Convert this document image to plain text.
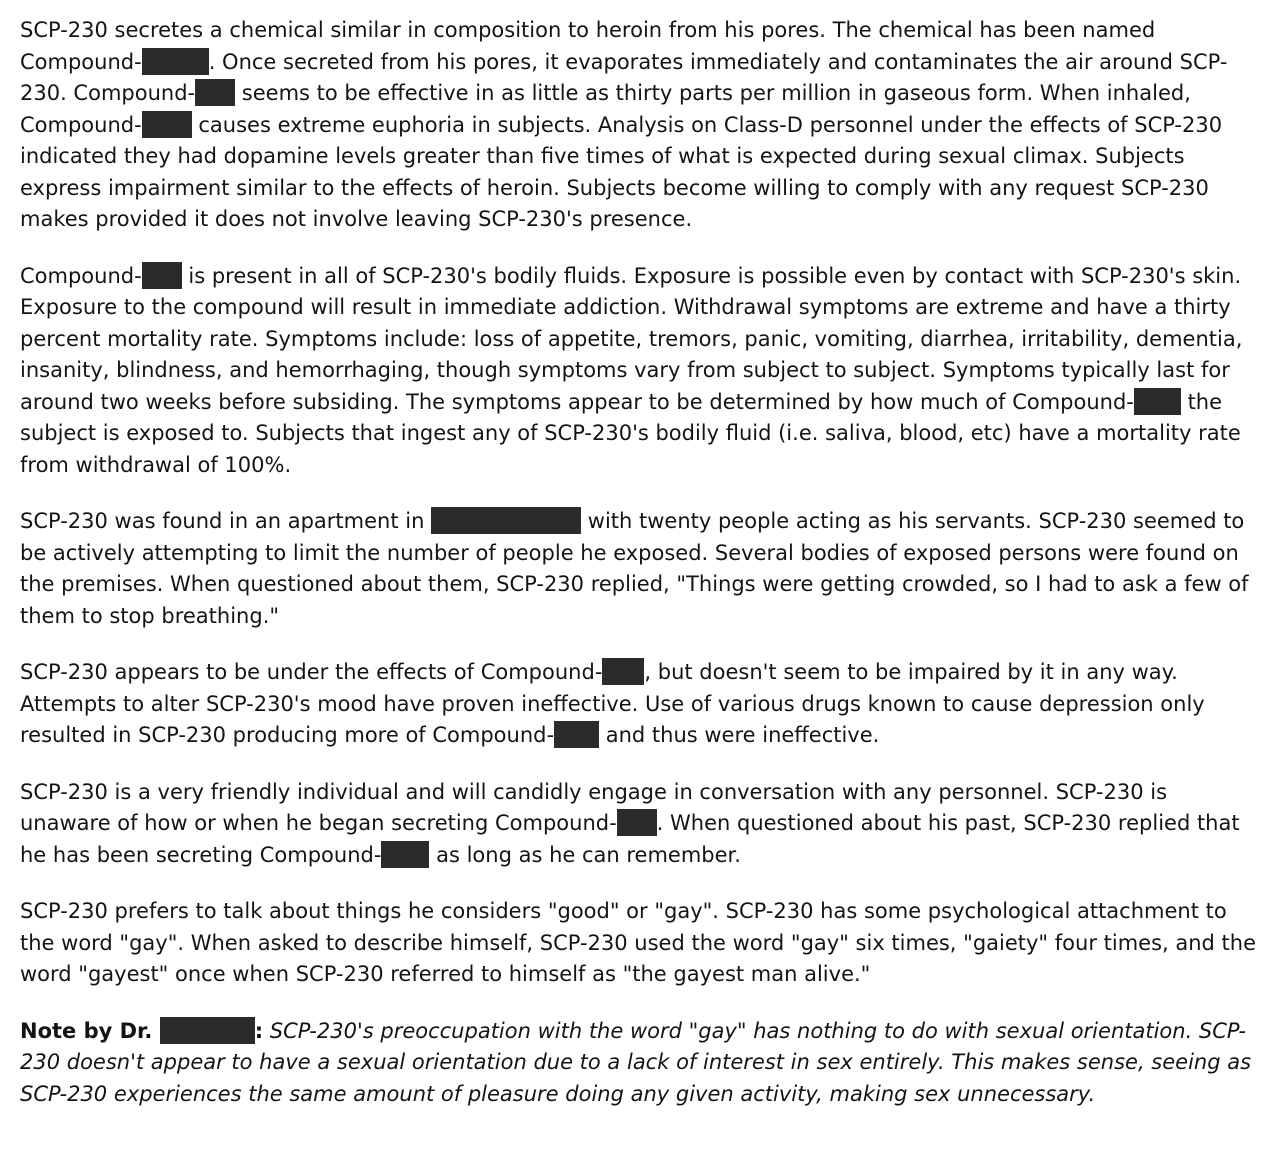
SCP-230 secretes a chemical similar in composition to heroin from his pores. The chemical has been named Compound-	. Once secreted from his pores, it evaporates immediately and contaminates the air around SCP-230. Compound- seems to be effective in as little as thirty parts per million in gaseous form. When inhaled, Compound- causes extreme euphoria in subjects. Analysis on Class-D personnel under the effects of SCP-230 indicated they had dopamine levels greater than five times of what is expected during sexual climax. Subjects express impairment similar to the effects of heroin. Subjects become willing to comply with any request SCP-230 makes provided it does not involve leaving SCP-230's presence.

Compound- is present in all of SCP-230's bodily fluids. Exposure is possible even by contact with SCP-230's skin. Exposure to the compound will result in immediate addiction. Withdrawal symptoms are extreme and have a thirty percent mortality rate. Symptoms include: loss of appetite, tremors, panic, vomiting, diarrhea, irritability, dementia, insanity, blindness, and hemorrhaging, though symptoms vary from subject to subject. Symptoms typically last for around two weeks before subsiding. The symptoms appear to be determined by how much of Compound- the subject is exposed to. Subjects that ingest any of SCP-230's bodily fluid (i.e. saliva, blood, etc) have a mortality rate from withdrawal of 100%.

SCP-230 was found in an apartment in	with twenty people acting as his servants. SCP-230 seemed to be actively attempting to limit the number of people he exposed. Several bodies of exposed persons were found on the premises. When questioned about them, SCP-230 replied, "Things were getting crowded, so I had to ask a few of them to stop breathing."

SCP-230 appears to be under the effects of Compound- , but doesn't seem to be impaired by it in any way. Attempts to alter SCP-230's mood have proven ineffective. Use of various drugs known to cause depression only resulted in SCP-230 producing more of Compound- and thus were ineffective.

SCP-230 is a very friendly individual and will candidly engage in conversation with any personnel. SCP-230 is unaware of how or when he began secreting Compound- . When questioned about his past, SCP-230 replied that he has been secreting Compound- as long as he can remember.

SCP-230 prefers to talk about things he considers "good" or "gay". SCP-230 has some psychological attachment to the word "gay". When asked to describe himself, SCP-230 used the word "gay" six times, "gaiety" four times, and the word "gayest" once when SCP-230 referred to himself as "the gayest man alive."

Note by Dr.	: SCP-230's preoccupation with the word "gay" has nothing to do with sexual orientation. SCP-230 doesn't appear to have a sexual orientation due to a lack of interest in sex entirely. This makes sense, seeing as SCP-230 experiences the same amount of pleasure doing any given activity, making sex unnecessary.
